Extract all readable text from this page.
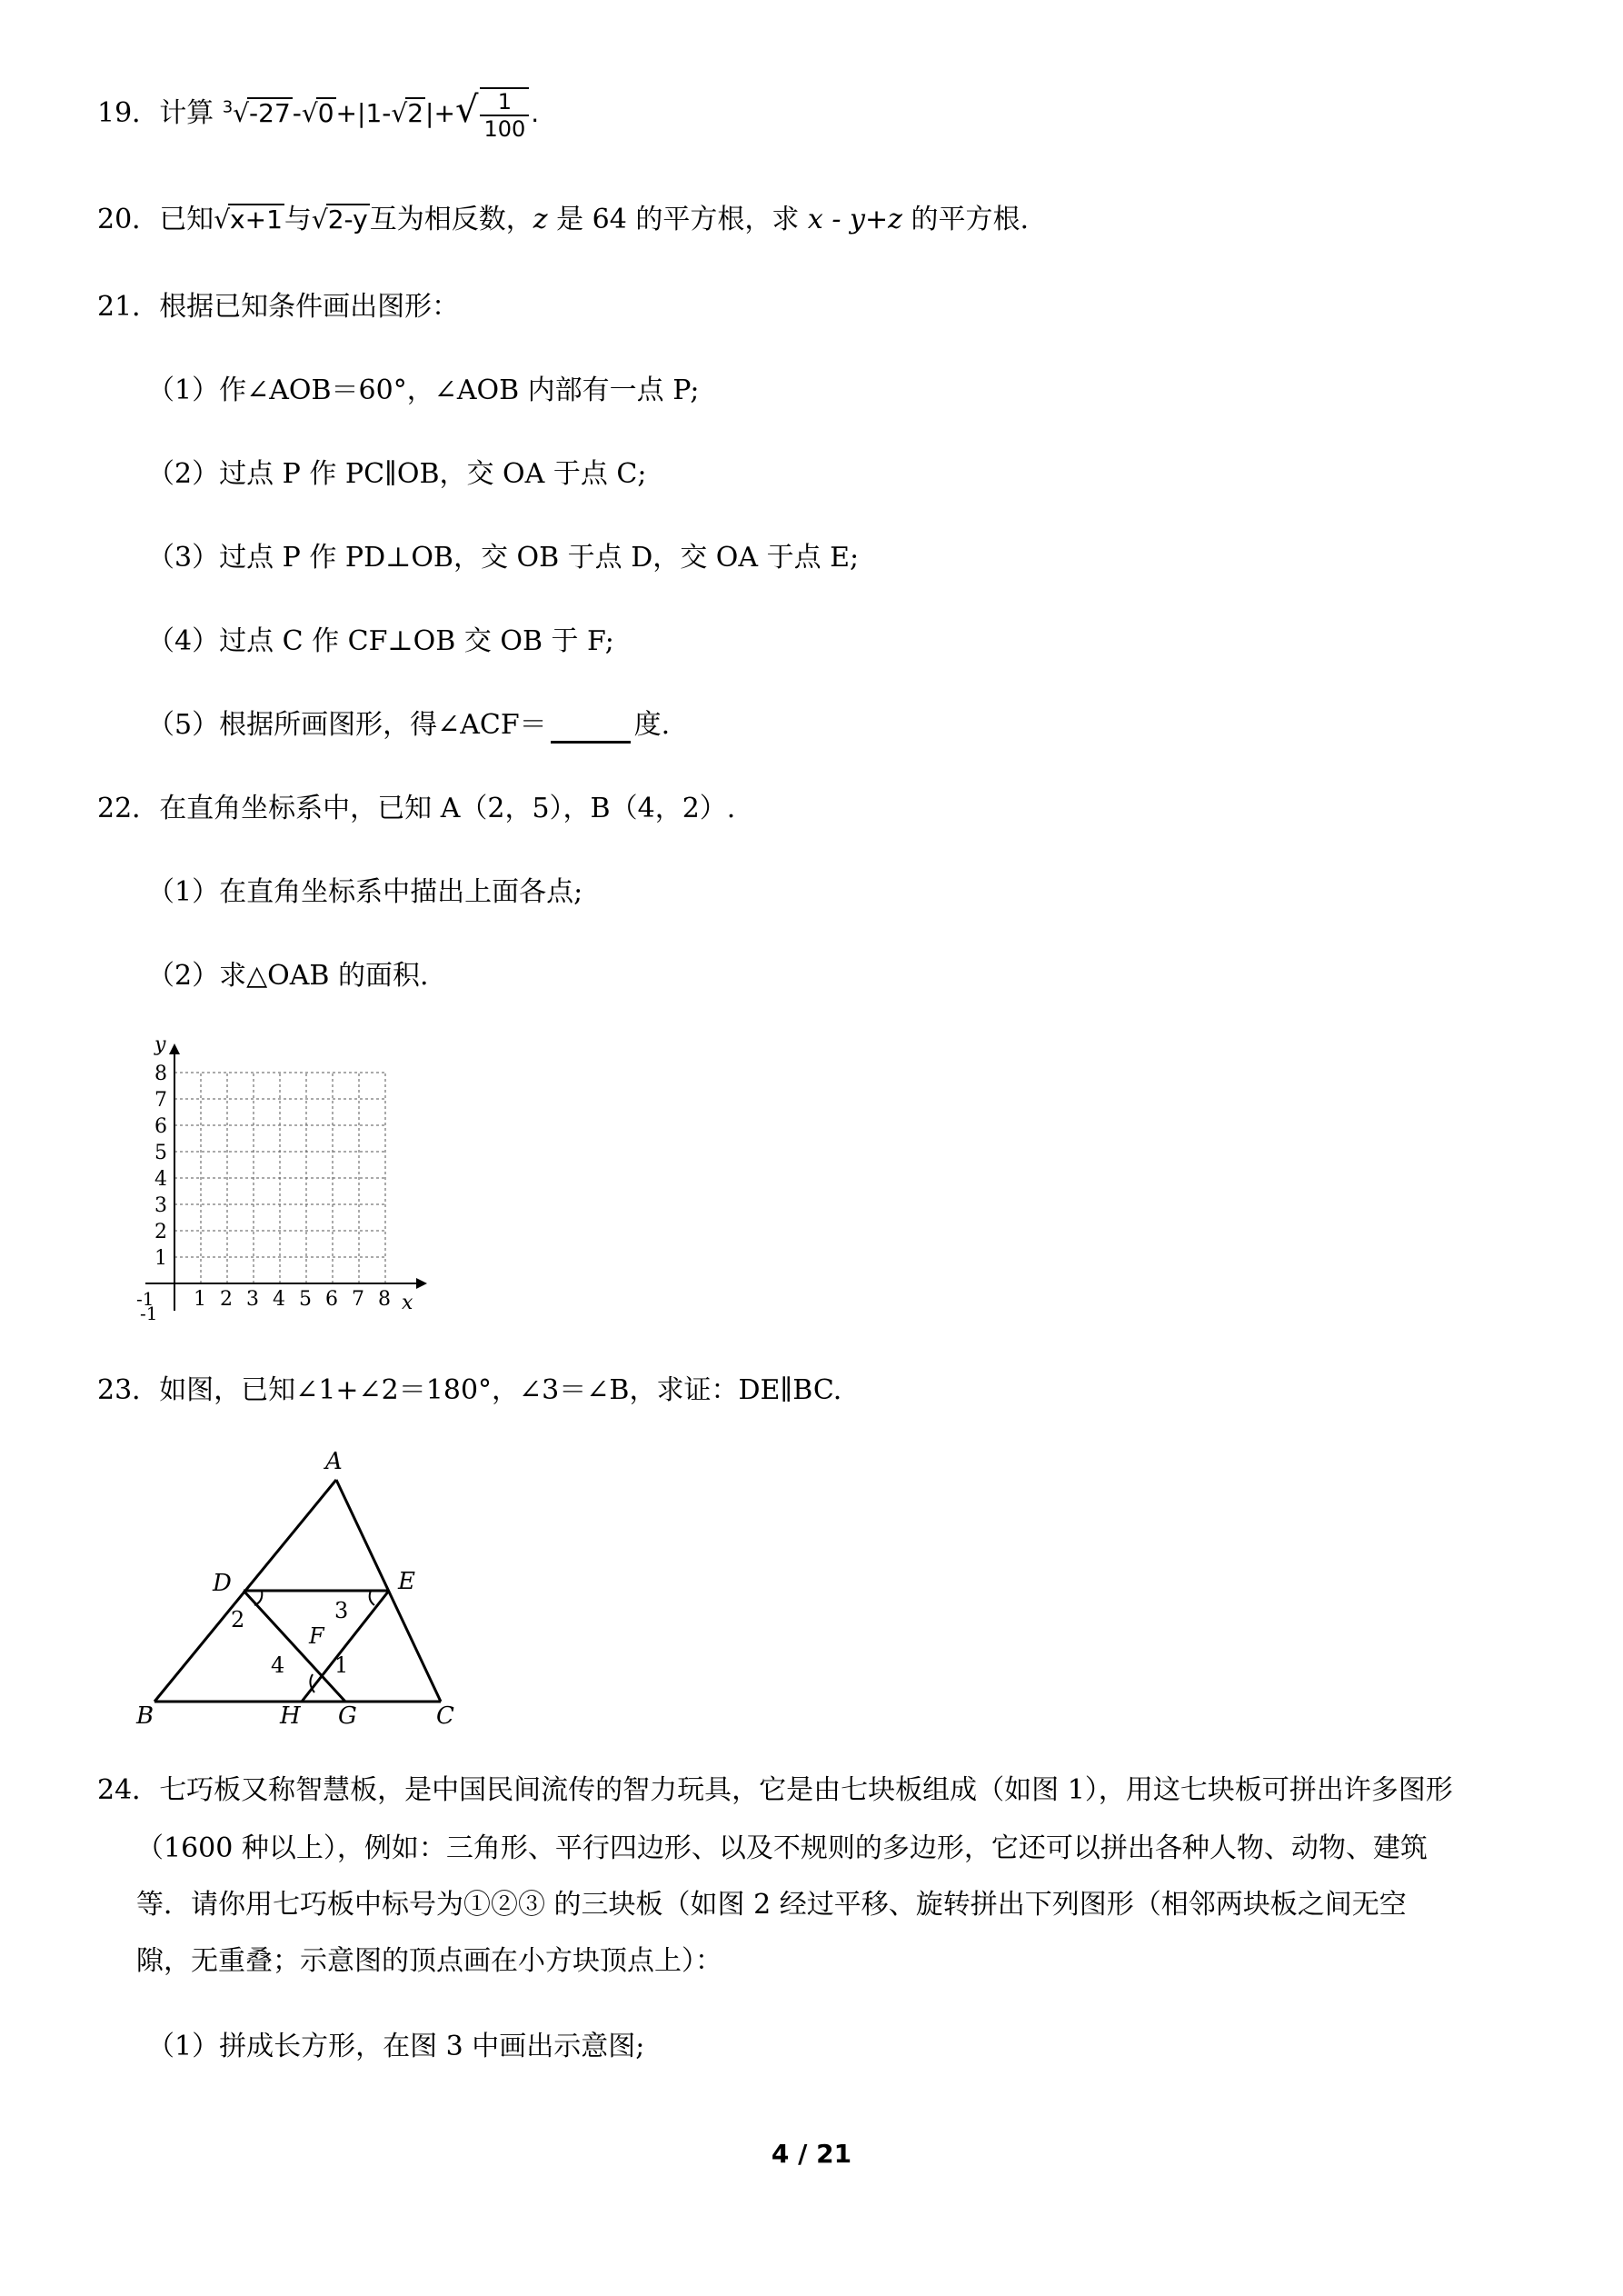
19．计算 $^3√-27-√0+|1-√2|+√ \frac{1}{100}$ .
20．已知√x+1与√2-y互为相反数，z 是 64 的平方根，求 x - y+z 的平方根.
21．根据已知条件画出图形：
（1）作∠AOB＝60°，∠AOB 内部有一点 P;
（2）过点 P 作 PC∥OB，交 OA 于点 C;
（3）过点 P 作 PD⊥OB，交 OB 于点 D，交 OA 于点 E;
（4）过点 C 作 CF⊥OB 交 OB 于 F;
（5）根据所画图形，得∠ACF＝	度.
22．在直角坐标系中，已知 A（2，5），B（4，2）.
（1）在直角坐标系中描出上面各点;
（2）求△OAB 的面积.
y
x
8
7
6
5
4
3
2
1
1 2 3 4 5 6 7 8
-1
-1
23．如图，已知∠1+∠2＝180°，∠3＝∠B，求证：DE∥BC.
A
D	E
2	3
F
4 1
B	H G	C
24．七巧板又称智慧板，是中国民间流传的智力玩具，它是由七块板组成（如图 1），用这七块板可拼出许多图形
（1600 种以上），例如：三角形、平行四边形、以及不规则的多边形，它还可以拼出各种人物、动物、建筑
等．请你用七巧板中标号为①②③ 的三块板（如图 2 经过平移、旋转拼出下列图形（相邻两块板之间无空
隙，无重叠；示意图的顶点画在小方块顶点上）：
（1）拼成长方形，在图 3 中画出示意图;
4 / 21
